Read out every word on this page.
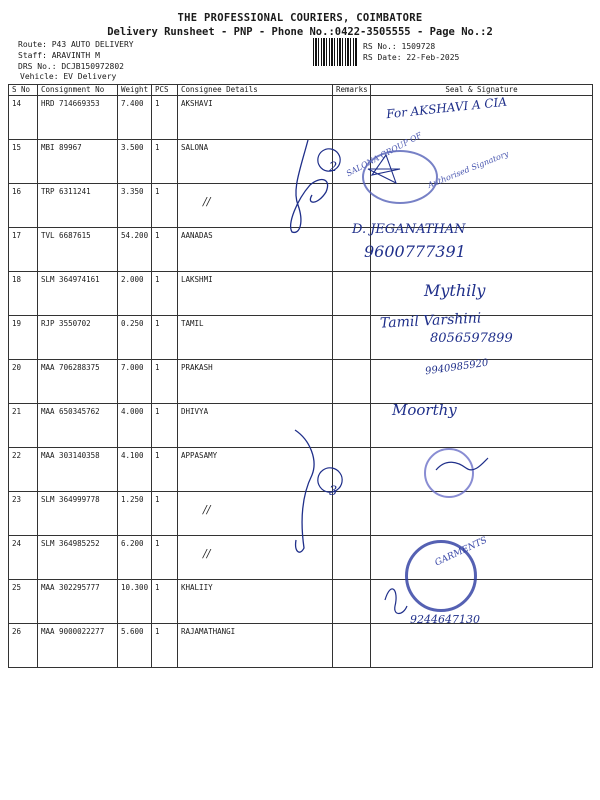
THE PROFESSIONAL COURIERS, COIMBATORE
Delivery Runsheet - PNP - Phone No.:0422-3505555 - Page No.:2
Route: P43 AUTO DELIVERY
Staff: ARAVINTH M
DRS No.: DCJB150972802
Vehicle: EV Delivery
RS No.: 1509728
RS Date: 22-Feb-2025
S No	Consignment No	Weight	PCS	Consignee Details	Remarks	Seal & Signature
14	HRD 714669353	7.400	1	AKSHAVI		
15	MBI 89967	3.500	1	SALONA		
16	TRP 6311241	3.350	1	//		

17	TVL 6687615	54.200	1	AANADAS		
18	SLM 364974161	2.000	1	LAKSHMI		
19	RJP 3550702	0.250	1	TAMIL		
20	MAA 706288375	7.000	1	PRAKASH		
21	MAA 650345762	4.000	1	DHIVYA		
22	MAA 303140358	4.100	1	APPASAMY		
23	SLM 364999778	1.250	1	//		

24	SLM 364985252	6.200	1	//		

25	MAA 302295777	10.300	1	KHALIIY		
26	MAA 9000022277	5.600	1	RAJAMATHANGI		
For AKSHAVI A CIA
SALONA GROUP OF Authorised Signatory
D. JEGANATHAN
9600777391
Mythily
Tamil Varshini
8056597899
9940985920
Moorthy
2
3
GARMENTS
9244647130
